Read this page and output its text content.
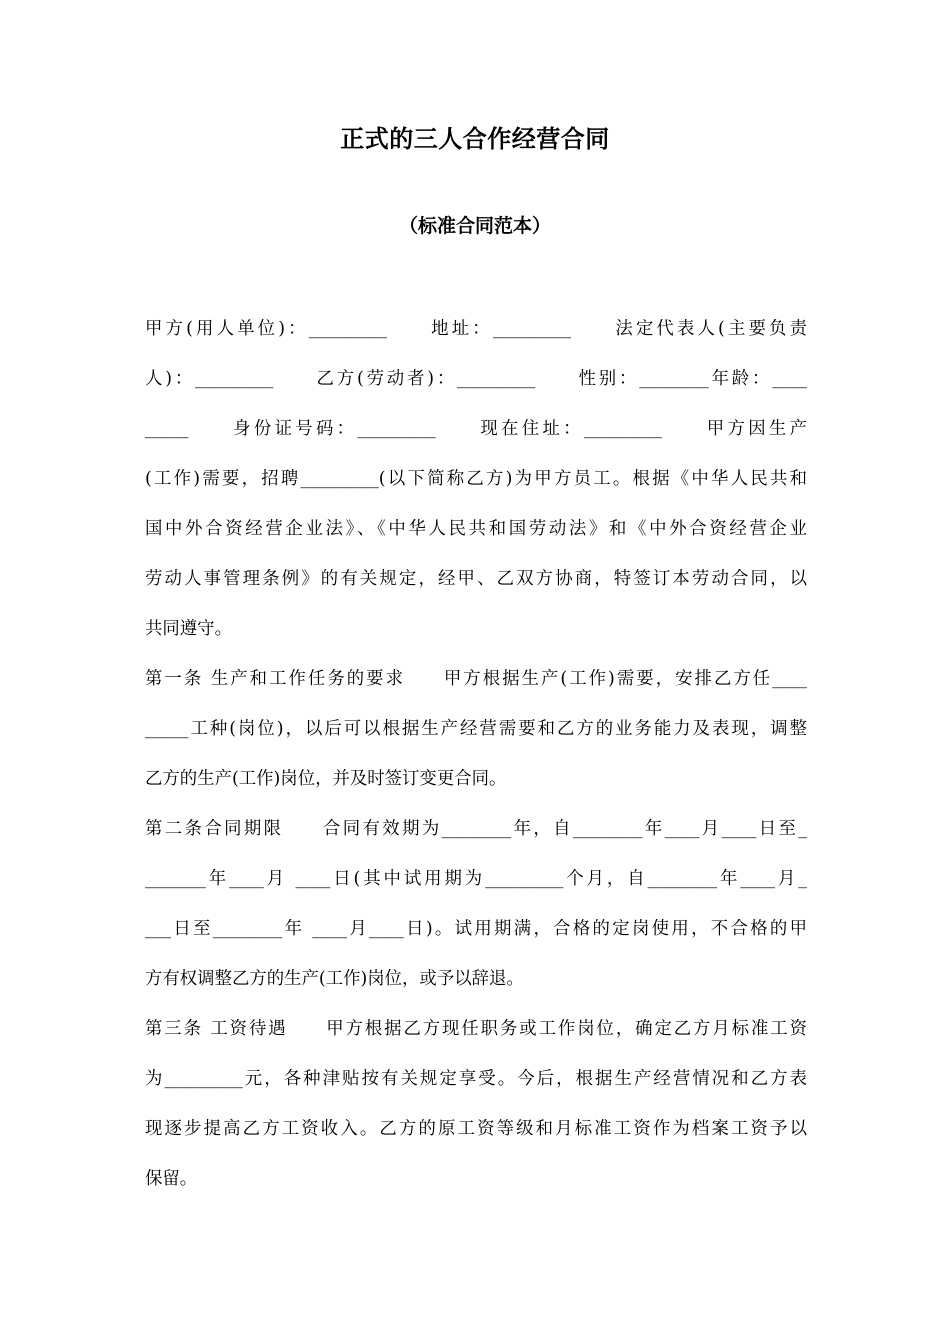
正式的三人合作经营合同
（标准合同范本）
甲方(用人单位)：_________　　地址：_________　　法定代表人(主要负责
人)：_________　　乙方(劳动者)：_________　　性别：________年龄：____
_____　　身份证号码：_________　　现在住址：_________　　甲方因生产
(工作)需要，招聘_________(以下简称乙方)为甲方员工。根据《中华人民共和
国中外合资经营企业法》、《中华人民共和国劳动法》和《中外合资经营企业
劳动人事管理条例》的有关规定，经甲、乙双方协商，特签订本劳动合同，以
共同遵守。
第一条 生产和工作任务的要求　　甲方根据生产(工作)需要，安排乙方任____
_____工种(岗位)，以后可以根据生产经营需要和乙方的业务能力及表现，调整
乙方的生产(工作)岗位，并及时签订变更合同。
第二条合同期限　　合同有效期为________年，自________年____月____日至_
_______年____月 ____日(其中试用期为_________个月，自________年____月_
___日至________年 ____月____日)。试用期满，合格的定岗使用，不合格的甲
方有权调整乙方的生产(工作)岗位，或予以辞退。
第三条 工资待遇　　甲方根据乙方现任职务或工作岗位，确定乙方月标准工资
为_________元，各种津贴按有关规定享受。今后，根据生产经营情况和乙方表
现逐步提高乙方工资收入。乙方的原工资等级和月标准工资作为档案工资予以
保留。
